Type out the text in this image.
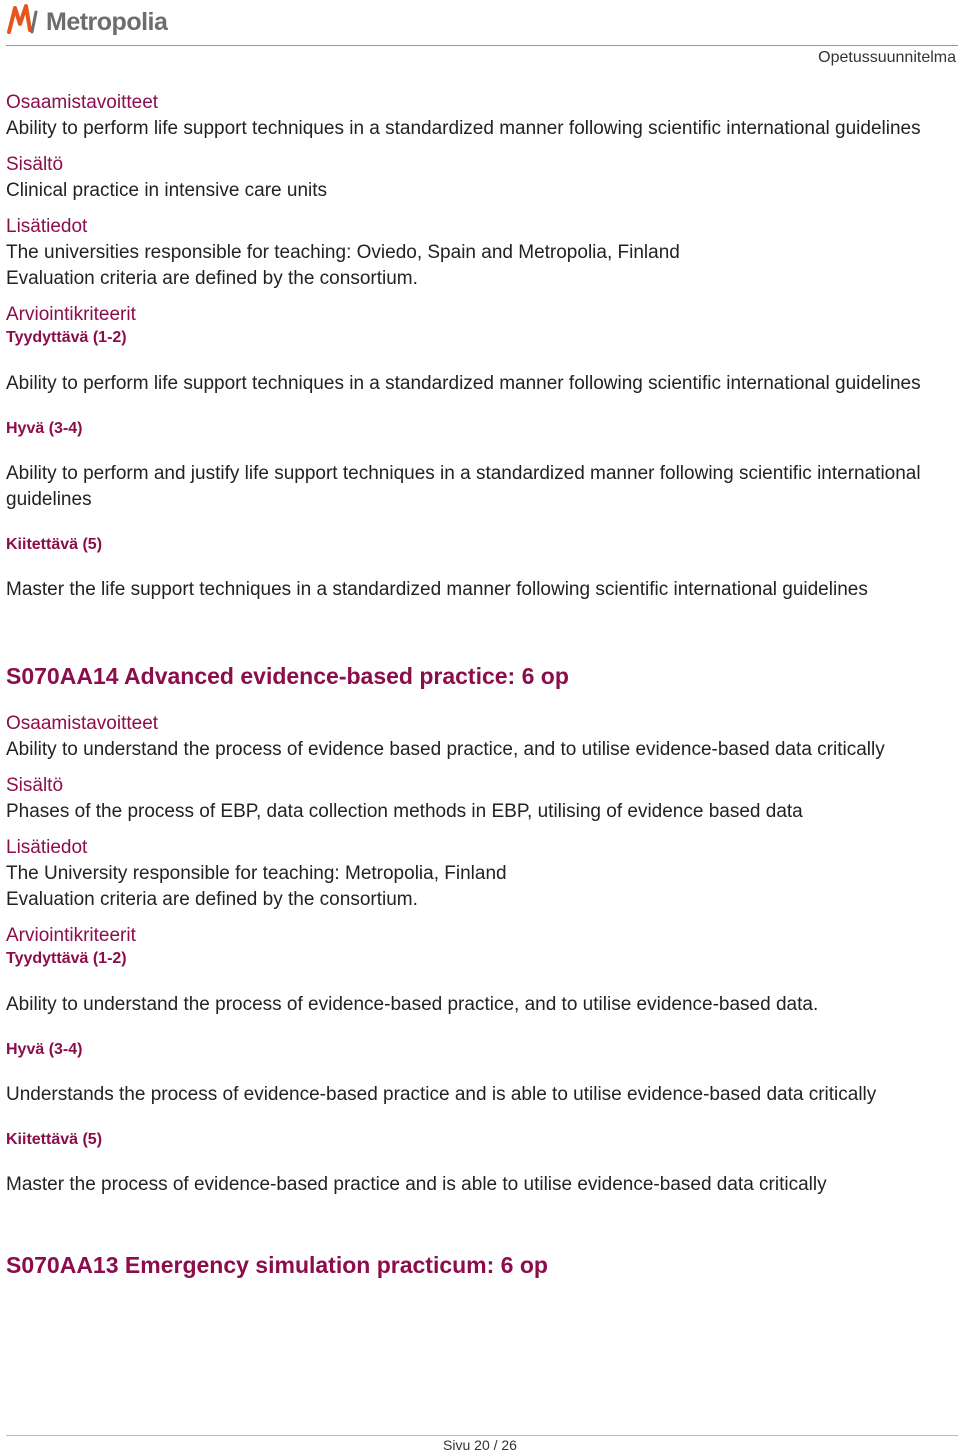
Metropolia
Opetussuunnitelma
Osaamistavoitteet
Ability to perform life support techniques in a standardized manner following scientific international guidelines
Sisältö
Clinical practice in intensive care units
Lisätiedot
The universities responsible for teaching: Oviedo, Spain and Metropolia, Finland
Evaluation criteria are defined by the consortium.
Arviointikriteerit
Tyydyttävä (1-2)
Ability to perform life support techniques in a standardized manner following scientific international guidelines
Hyvä (3-4)
Ability to perform and justify life support techniques in a standardized manner following scientific international guidelines
Kiitettävä (5)
Master the life support techniques in a standardized manner following scientific international guidelines
S070AA14 Advanced evidence-based practice: 6 op
Osaamistavoitteet
Ability to understand the process of evidence based practice, and to utilise evidence-based data critically
Sisältö
Phases of the process of EBP, data collection methods in EBP, utilising of evidence based data
Lisätiedot
The University responsible for teaching: Metropolia, Finland
Evaluation criteria are defined by the consortium.
Arviointikriteerit
Tyydyttävä (1-2)
Ability to understand the process of evidence-based practice, and to utilise evidence-based data.
Hyvä (3-4)
Understands the process of evidence-based practice and is able to utilise evidence-based data critically
Kiitettävä (5)
Master the process of evidence-based practice and is able to utilise evidence-based data critically
S070AA13 Emergency simulation practicum: 6 op
Sivu 20 / 26
